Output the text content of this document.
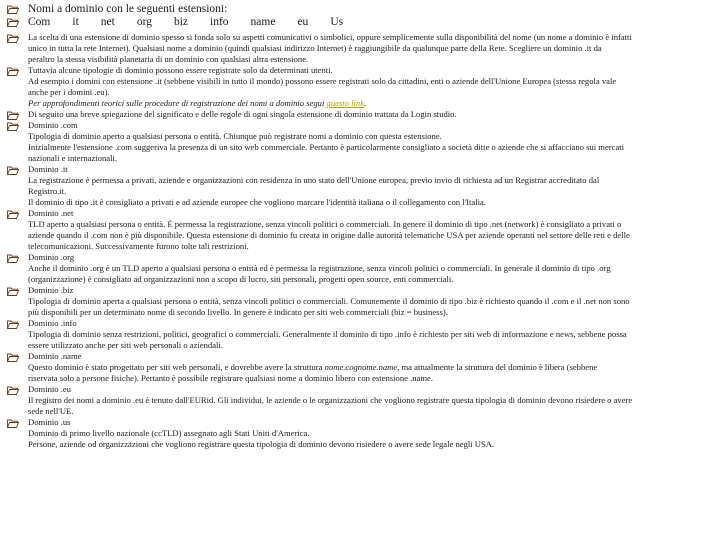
Nomi a dominio con le seguenti estensioni:
Com it net org biz info name eu Us
La scelta di una estensione di dominio spesso si fonda solo su aspetti comunicativi o simbolici, oppure semplicemente sulla disponibilità del nome (un nome a dominio è infatti
unico in tutta la rete Internet). Qualsiasi nome a dominio (quindi qualsiasi indirizzo Internet) è raggiungibile da qualunque parte della Rete. Scegliere un dominio .it da
peraltro la stessa visibilità planetaria di un dominio con qualsiasi altra estensione.
Tuttavia alcune tipologie di dominio possono essere registrate solo da determinati utenti.
Ad esempio i domini con estensione .it (sebbene visibili in tutto il mondo) possono essere registrati solo da cittadini, enti o aziende dell'Unione Europea (stessa regola vale
anche per i domini .eu).
Per approfondimenti teorici sulle procedure di registrazione dei nomi a dominio segui questo link.
Di seguito una breve spiegazione del significato e delle regole di ogni singola estensione di dominio trattata da Login studio.
Dominio .com
Tipologia di dominio aperto a qualsiasi persona o entità. Chiunque può registrare nomi a dominio con questa estensione.
Inizialmente l'estensione .com suggeriva la presenza di un sito web commerciale. Pertanto è particolarmente consigliato a società ditte o aziende che si affacciano sui mercati
nazionali e internazionali.
Dominio .it
La registrazione è permessa a privati, aziende e organizzazioni con residenza in uno stato dell'Unione europea, previo invio di richiesta ad un Registrar accreditato dal
Registro.it.
Il dominio di tipo .it è consigliato a privati e ad aziende europee che vogliono marcare l'identità italiana o il collegamento con l'Italia.
Dominio .net
TLD aperto a qualsiasi persona o entità. È permessa la registrazione, senza vincoli politici o commerciali. In genere il dominio di tipo .net (network) è consigliato a privati o
aziende quando il .com non è più disponibile. Questa estensione di dominio fu creata in origine dalle autorità telematiche USA per aziende operanti nel settore delle reti e delle
telecomunicazioni. Successivamente furono tolte tali restrizioni.
Dominio .org
Anche il dominio .org è un TLD aperto a qualsiasi persona o entità ed è permessa la registrazione, senza vincoli politici o commerciali. In generale il dominio di tipo .org
(organizzazione) è consigliato ad organizzazioni non a scopo di lucro, siti personali, progetti open source, enti commerciali.
Dominio .biz
Tipologia di dominio aperta a qualsiasi persona o entità, senza vincoli politici o commerciali. Comunemente il dominio di tipo .biz è richiesto quando il .com e il .net non sono
più disponibili per un determinato nome di secondo livello. In genere è indicato per siti web commerciali (biz = business).
Dominio .info
Tipologia di dominio senza restrizioni, politici, geografici o commerciali. Generalmente il dominio di tipo .info è richiesto per siti web di informazione e news, sebbene possa
essere utilizzato anche per siti web personali o aziendali.
Dominio .name
Questo dominio è stato progettato per siti web personali, e dovrebbe avere la struttura nome.cognome.name, ma attualmente la struttura del dominio è libera (sebbene
riservata solo a persone fisiche). Pertanto è possibile registrare qualsiasi nome a dominio libero con estensione .name.
Dominio .eu
Il registro dei nomi a dominio .eu è tenuto dall'EURid. Gli individui, le aziende o le organizzazioni che vogliono registrare questa tipologia di dominio devono risiedere o avere
sede nell'UE.
Dominio .us
Dominio di primo livello nazionale (ccTLD) assegnato agli Stati Uniti d'America.
Persone, aziende od organizzazioni che vogliono registrare questa tipologia di dominio devono risiedere o avere sede legale negli USA.
